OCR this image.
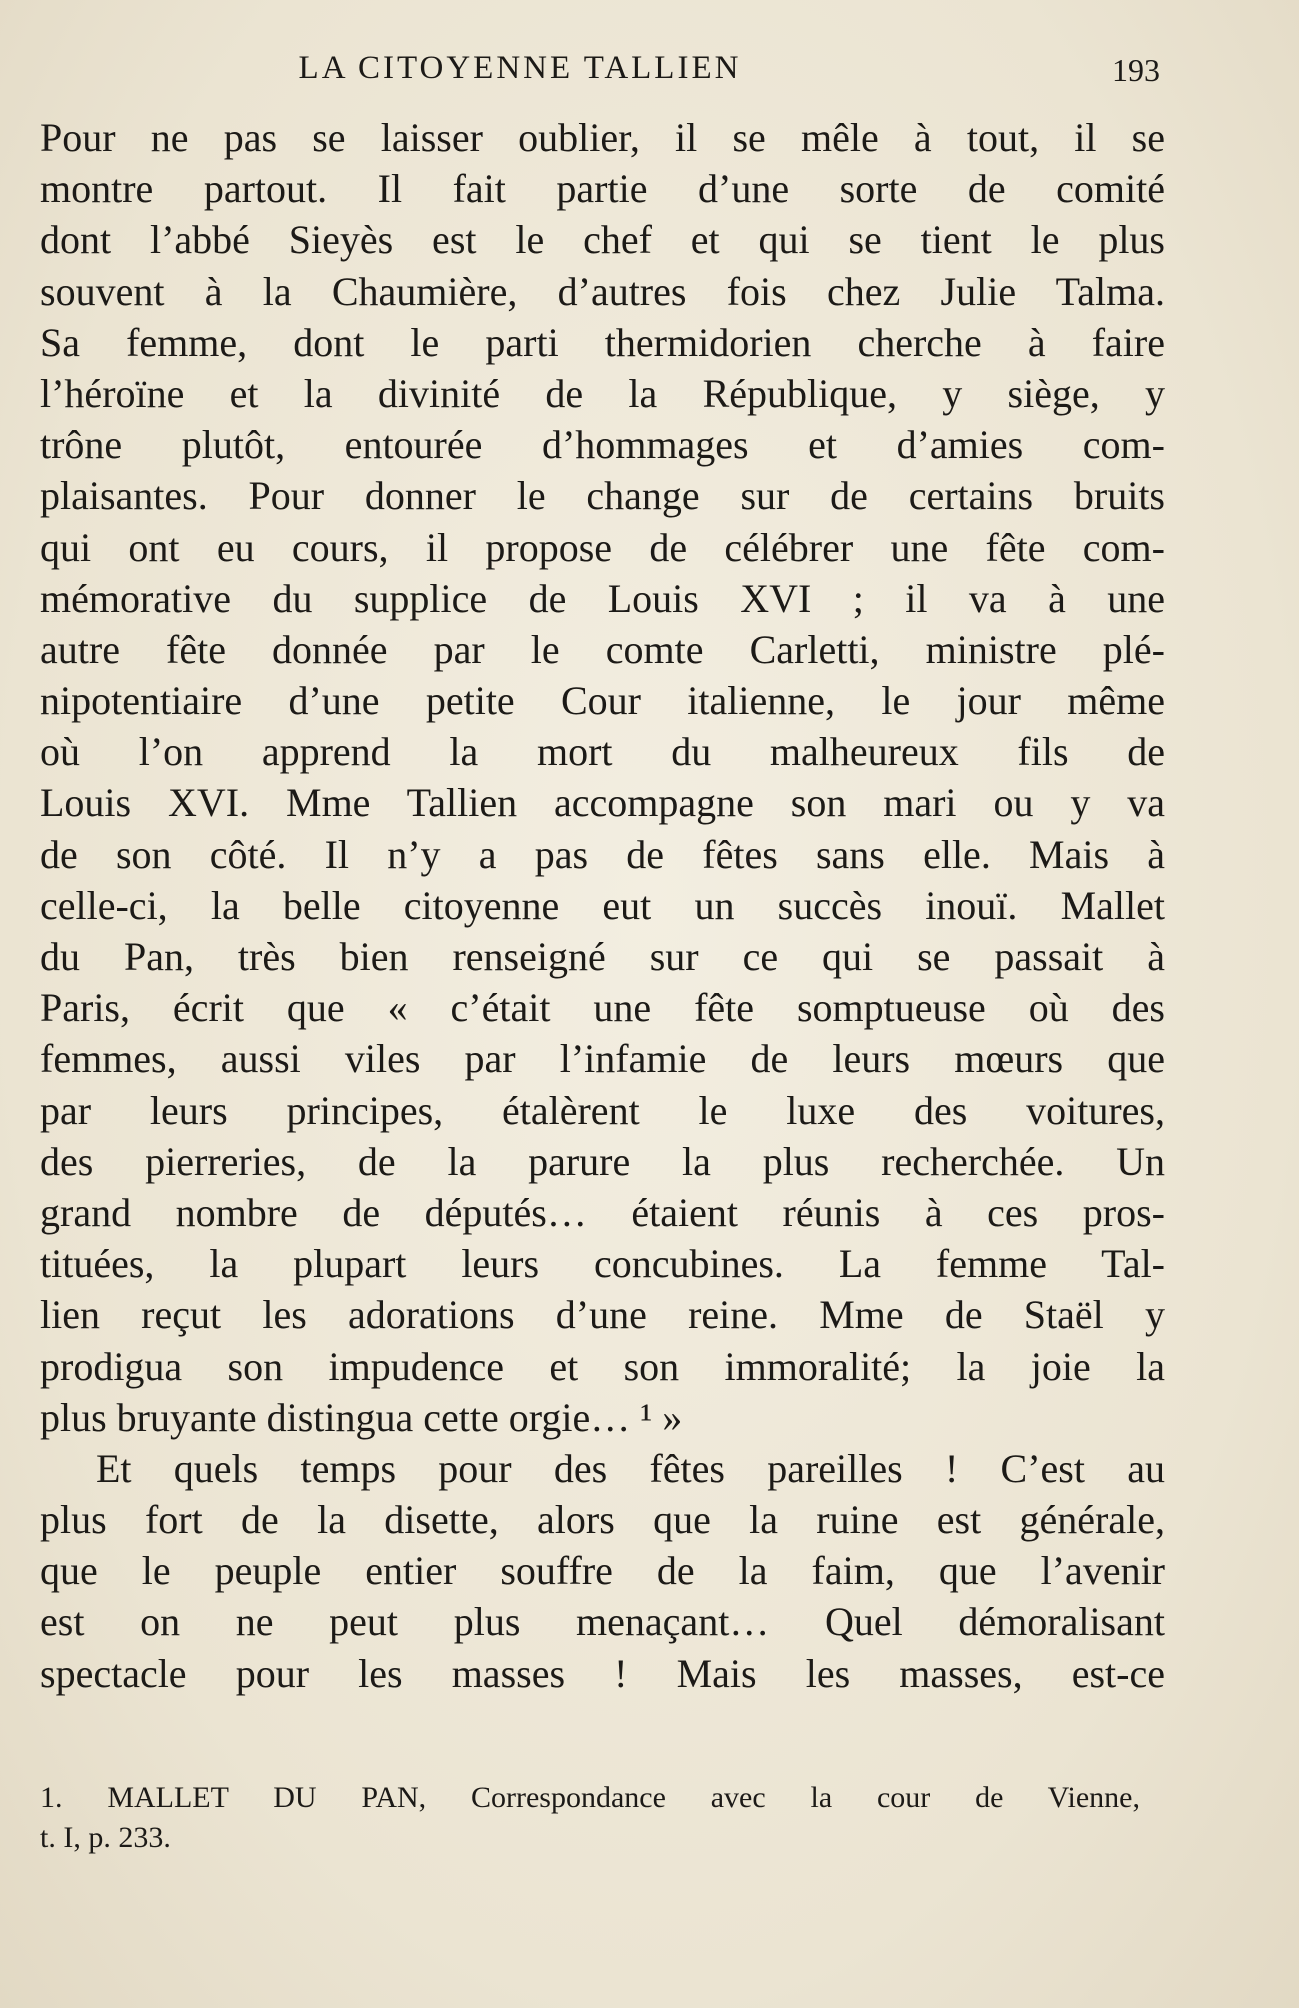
LA CITOYENNE TALLIEN	193
Pour ne pas se laisser oublier, il se mêle à tout, il se
montre partout. Il fait partie d’une sorte de comité
dont l’abbé Sieyès est le chef et qui se tient le plus
souvent à la Chaumière, d’autres fois chez Julie Talma.
Sa femme, dont le parti thermidorien cherche à faire
l’héroïne et la divinité de la République, y siège, y
trône plutôt, entourée d’hommages et d’amies com-
plaisantes. Pour donner le change sur de certains bruits
qui ont eu cours, il propose de célébrer une fête com-
mémorative du supplice de Louis XVI ; il va à une
autre fête donnée par le comte Carletti, ministre plé-
nipotentiaire d’une petite Cour italienne, le jour même
où l’on apprend la mort du malheureux fils de
Louis XVI. Mme Tallien accompagne son mari ou y va
de son côté. Il n’y a pas de fêtes sans elle. Mais à
celle-ci, la belle citoyenne eut un succès inouï. Mallet
du Pan, très bien renseigné sur ce qui se passait à
Paris, écrit que « c’était une fête somptueuse où des
femmes, aussi viles par l’infamie de leurs mœurs que
par leurs principes, étalèrent le luxe des voitures,
des pierreries, de la parure la plus recherchée. Un
grand nombre de députés… étaient réunis à ces pros-
tituées, la plupart leurs concubines. La femme Tal-
lien reçut les adorations d’une reine. Mme de Staël y
prodigua son impudence et son immoralité; la joie la
plus bruyante distingua cette orgie… ¹ »
Et quels temps pour des fêtes pareilles ! C’est au
plus fort de la disette, alors que la ruine est générale,
que le peuple entier souffre de la faim, que l’avenir
est on ne peut plus menaçant… Quel démoralisant
spectacle pour les masses ! Mais les masses, est-ce
1. MALLET DU PAN, Correspondance avec la cour de Vienne,
t. I, p. 233.
